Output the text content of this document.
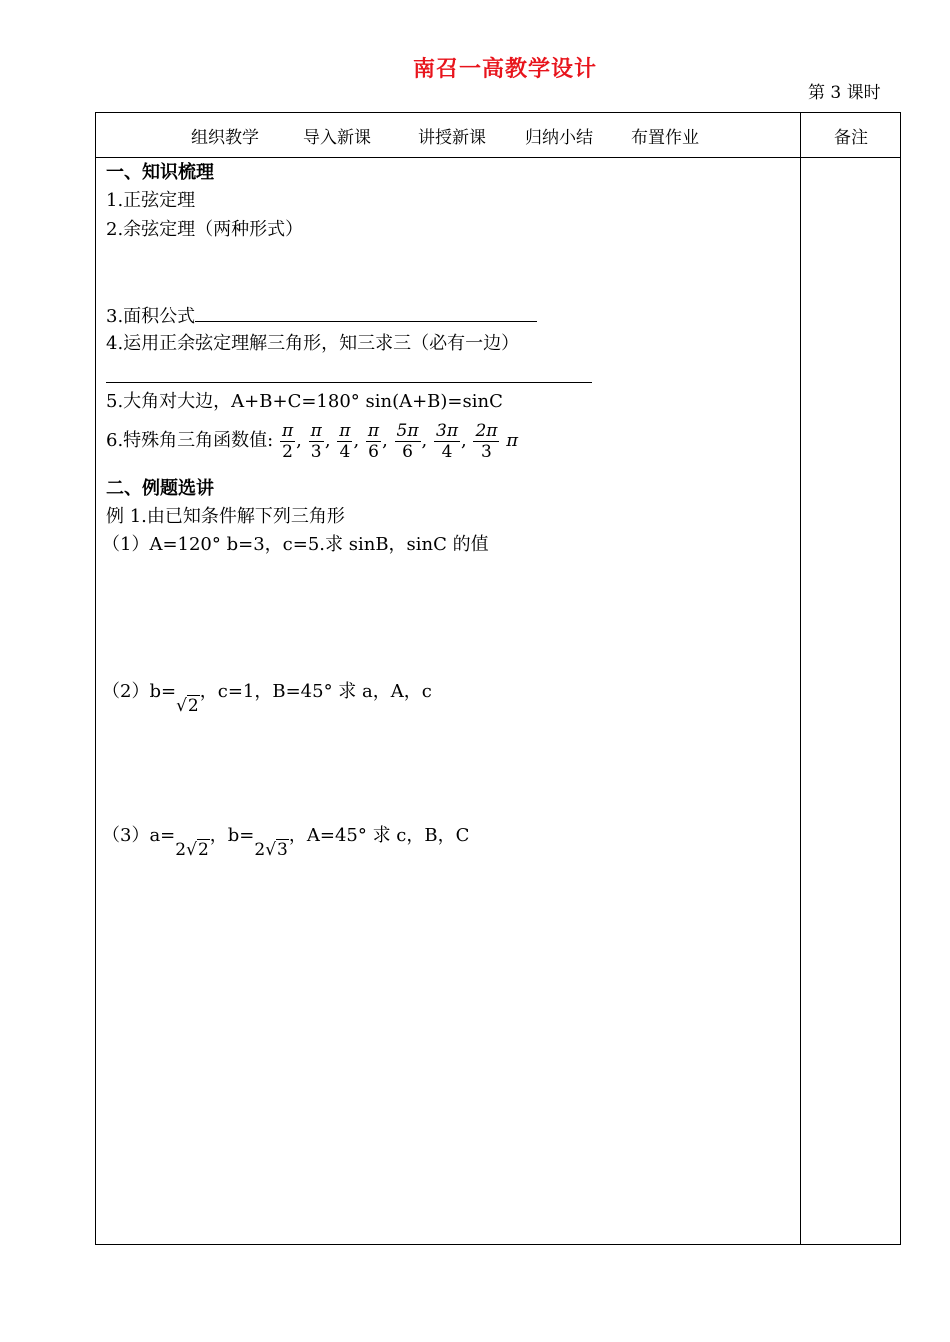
南召一高教学设计
第 3 课时
组织教学	导入新课	讲授新课 归纳小结 布置作业	备注
一、知识梳理
1.正弦定理
2.余弦定理（两种形式）
3.面积公式
4.运用正余弦定理解三角形，知三求三（必有一边）
5.大角对大边，A+B+C=180° sin(A+B)=sinC
6.特殊角三角函数值: $\frac{\pi}{2}$ , $\frac{\pi}{3}$ , $\frac{\pi}{4}$ , $\frac{\pi}{6}$ , $\frac{5\pi}{6}$ , $\frac{3\pi}{4}$ , $\frac{2\pi}{3}$ π
二、例题选讲
例 1.由已知条件解下列三角形
（1）A=120° b=3，c=5.求 sinB，sinC 的值
（2）b=√2，c=1，B=45° 求 a，A，c
（3）a=2√2，b=2√3，A=45° 求 c，B，C
